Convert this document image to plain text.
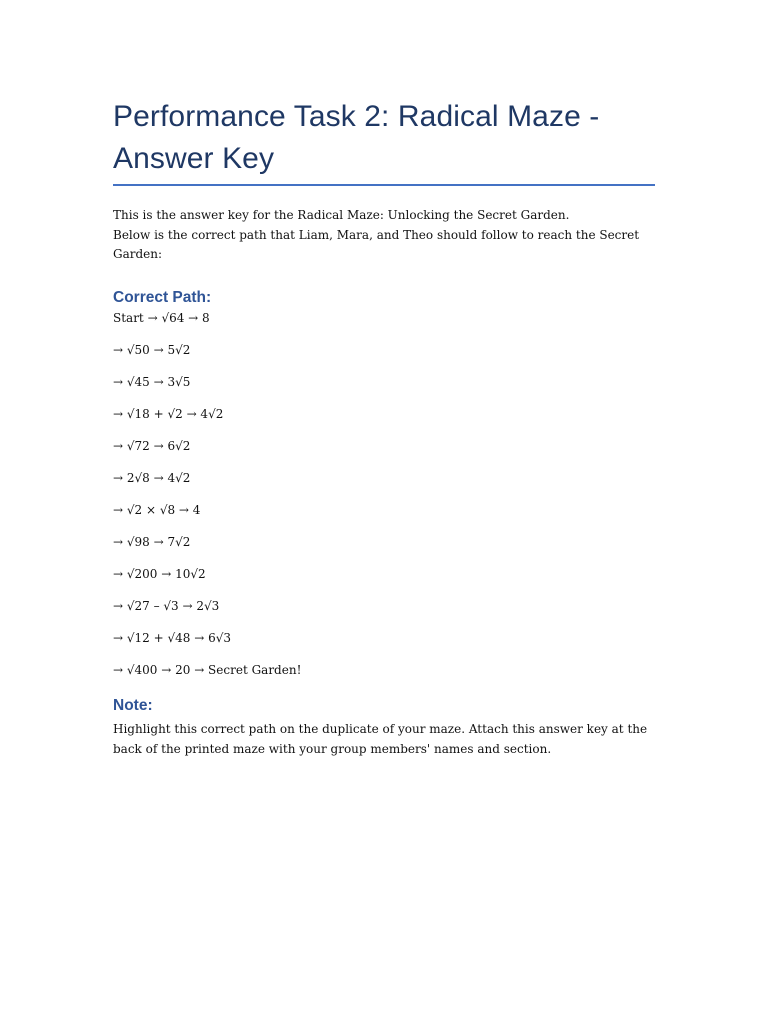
Performance Task 2: Radical Maze - Answer Key

This is the answer key for the Radical Maze: Unlocking the Secret Garden.

Below is the correct path that Liam, Mara, and Theo should follow to reach the Secret Garden:

Correct Path:
Start → √64 → 8
→ √50 → 5√2
→ √45 → 3√5
→ √18 + √2 → 4√2
→ √72 → 6√2
→ 2√8 → 4√2
→ √2 × √8 → 4
→ √98 → 7√2
→ √200 → 10√2
→ √27 – √3 → 2√3
→ √12 + √48 → 6√3
→ √400 → 20 → Secret Garden!
Note:

Highlight this correct path on the duplicate of your maze. Attach this answer key at the back of the printed maze with your group members' names and section.
